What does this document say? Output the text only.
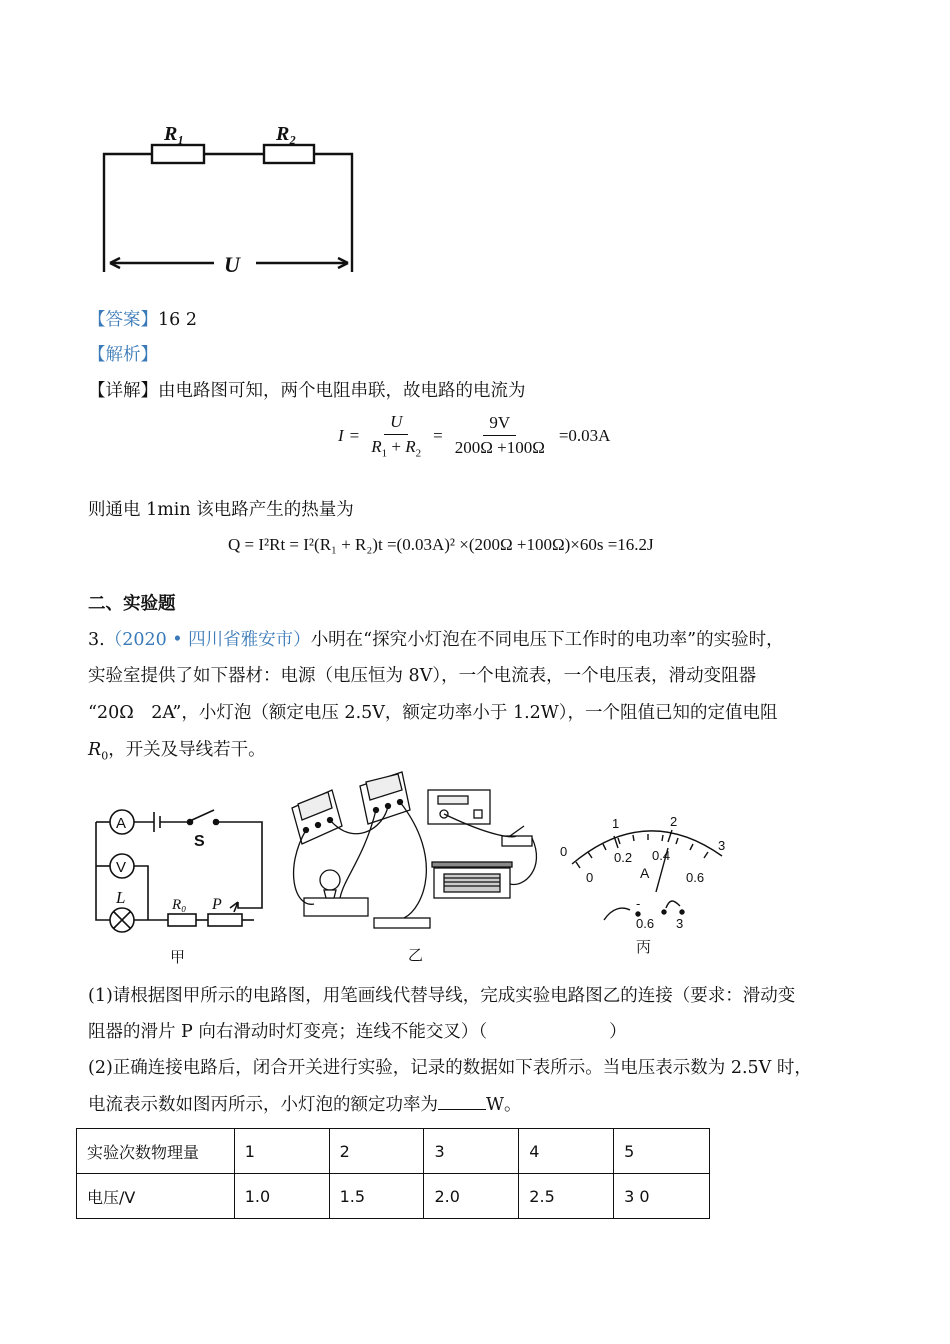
R₁	R₂
U
【答案】16 2
【解析】
【详解】由电路图可知，两个电阻串联，故电路的电流为
$I = \frac{U}{R_1 + R_2} = \frac{9V}{200\Omega +100\Omega} =0.03A$
则通电 1min 该电路产生的热量为
Q = I²Rt = I²(R₁ + R₂)t =(0.03A)² ×(200Ω +100Ω)×60s =16.2J
二、实验题
3.（2020 • 四川省雅安市）小明在“探究小灯泡在不同电压下工作时的电功率”的实验时，
实验室提供了如下器材：电源（电压恒为 8V），一个电流表，一个电压表，滑动变阻器
“20Ω　2A”，小灯泡（额定电压 2.5V，额定功率小于 1.2W），一个阻值已知的定值电阻
$R_0$，开关及导线若干。
A
V
L
S
R₀ P
甲	乙
0
1	2
3
0
0.2 0.4
0.6
A
-
0.6 3
丙
(1)请根据图甲所示的电路图，用笔画线代替导线，完成实验电路图乙的连接（要求：滑动变
阻器的滑片 P 向右滑动时灯变亮；连线不能交叉）（	）
(2)正确连接电路后，闭合开关进行实验，记录的数据如下表所示。当电压表示数为 2.5V 时，
电流表示数如图丙所示，小灯泡的额定功率为	W。
实验次数物理量	1	2	3	4	5
电压/V	1.0	1.5	2.0	2.5	3 0
